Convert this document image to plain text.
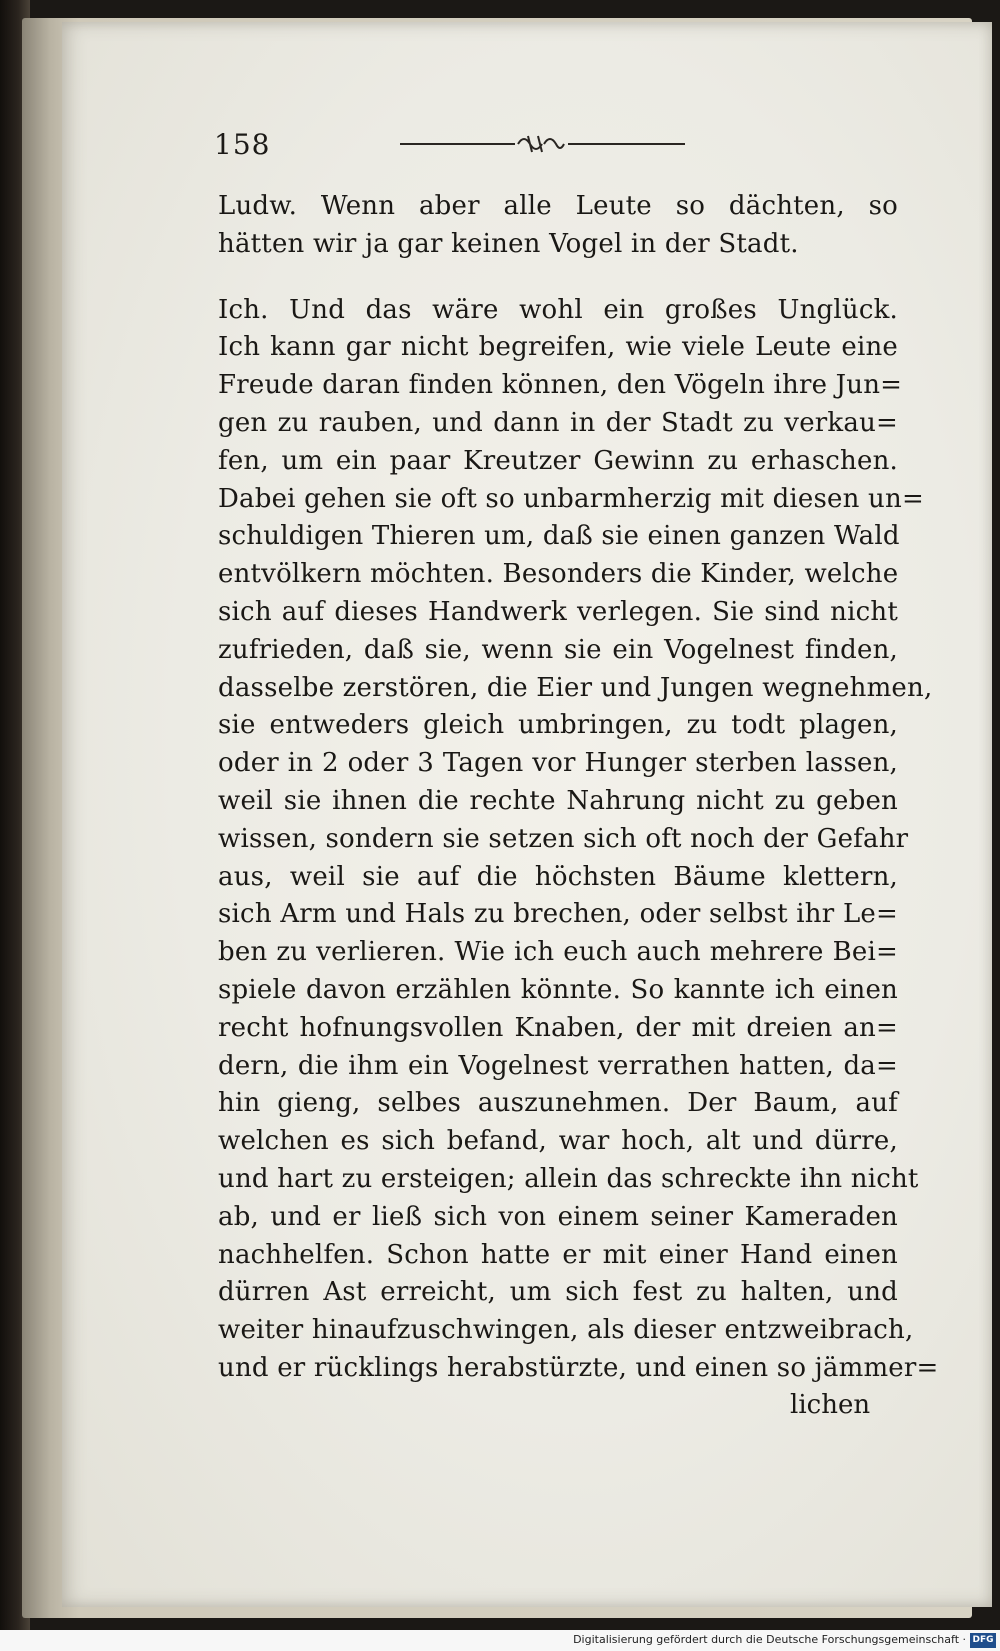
158
Ludw. Wenn aber alle Leute so dächten, so
hätten wir ja gar keinen Vogel in der Stadt.
Ich. Und das wäre wohl ein großes Unglück.
Ich kann gar nicht begreifen, wie viele Leute eine
Freude daran finden können, den Vögeln ihre Jun=
gen zu rauben, und dann in der Stadt zu verkau=
fen, um ein paar Kreutzer Gewinn zu erhaschen.
Dabei gehen sie oft so unbarmherzig mit diesen un=
schuldigen Thieren um, daß sie einen ganzen Wald
entvölkern möchten. Besonders die Kinder, welche
sich auf dieses Handwerk verlegen. Sie sind nicht
zufrieden, daß sie, wenn sie ein Vogelnest finden,
dasselbe zerstören, die Eier und Jungen wegnehmen,
sie entweders gleich umbringen, zu todt plagen,
oder in 2 oder 3 Tagen vor Hunger sterben lassen,
weil sie ihnen die rechte Nahrung nicht zu geben
wissen, sondern sie setzen sich oft noch der Gefahr
aus, weil sie auf die höchsten Bäume klettern,
sich Arm und Hals zu brechen, oder selbst ihr Le=
ben zu verlieren. Wie ich euch auch mehrere Bei=
spiele davon erzählen könnte. So kannte ich einen
recht hofnungsvollen Knaben, der mit dreien an=
dern, die ihm ein Vogelnest verrathen hatten, da=
hin gieng, selbes auszunehmen. Der Baum, auf
welchen es sich befand, war hoch, alt und dürre,
und hart zu ersteigen; allein das schreckte ihn nicht
ab, und er ließ sich von einem seiner Kameraden
nachhelfen. Schon hatte er mit einer Hand einen
dürren Ast erreicht, um sich fest zu halten, und
weiter hinaufzuschwingen, als dieser entzweibrach,
und er rücklings herabstürzte, und einen so jämmer=
lichen
Digitalisierung gefördert durch die Deutsche Forschungsgemeinschaft · DFG
